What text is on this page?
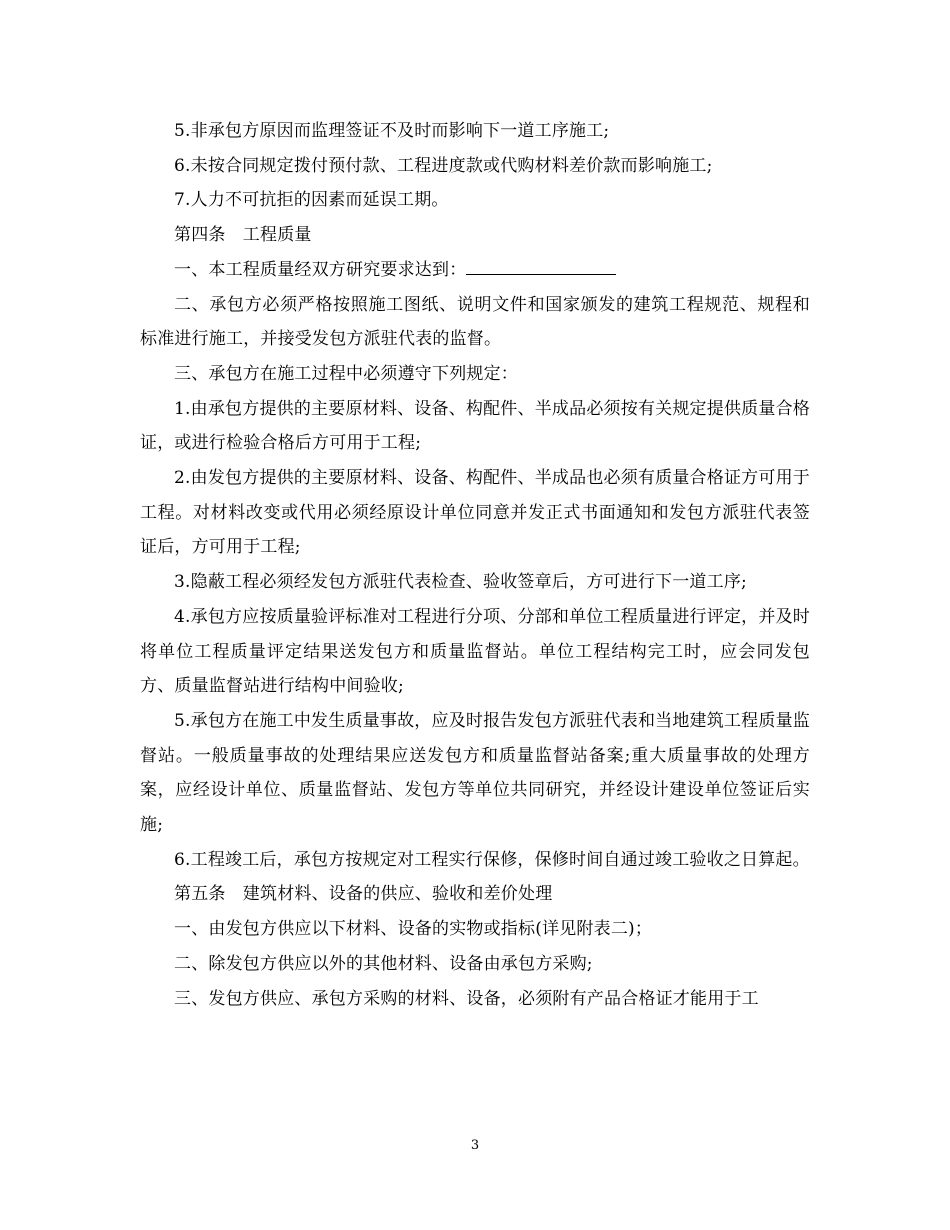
5.非承包方原因而监理签证不及时而影响下一道工序施工;

6.未按合同规定拨付预付款、工程进度款或代购材料差价款而影响施工;

7.人力不可抗拒的因素而延误工期。

第四条　工程质量

一、本工程质量经双方研究要求达到：

二、承包方必须严格按照施工图纸、说明文件和国家颁发的建筑工程规范、规程和标准进行施工，并接受发包方派驻代表的监督。

三、承包方在施工过程中必须遵守下列规定：

1.由承包方提供的主要原材料、设备、构配件、半成品必须按有关规定提供质量合格证，或进行检验合格后方可用于工程;

2.由发包方提供的主要原材料、设备、构配件、半成品也必须有质量合格证方可用于工程。对材料改变或代用必须经原设计单位同意并发正式书面通知和发包方派驻代表签证后，方可用于工程;

3.隐蔽工程必须经发包方派驻代表检查、验收签章后，方可进行下一道工序;

4.承包方应按质量验评标准对工程进行分项、分部和单位工程质量进行评定，并及时将单位工程质量评定结果送发包方和质量监督站。单位工程结构完工时，应会同发包方、质量监督站进行结构中间验收;

5.承包方在施工中发生质量事故，应及时报告发包方派驻代表和当地建筑工程质量监督站。一般质量事故的处理结果应送发包方和质量监督站备案;重大质量事故的处理方案，应经设计单位、质量监督站、发包方等单位共同研究，并经设计建设单位签证后实施;

6.工程竣工后，承包方按规定对工程实行保修，保修时间自通过竣工验收之日算起。

第五条　建筑材料、设备的供应、验收和差价处理

一、由发包方供应以下材料、设备的实物或指标(详见附表二)；

二、除发包方供应以外的其他材料、设备由承包方采购;

三、发包方供应、承包方采购的材料、设备，必须附有产品合格证才能用于工

3
